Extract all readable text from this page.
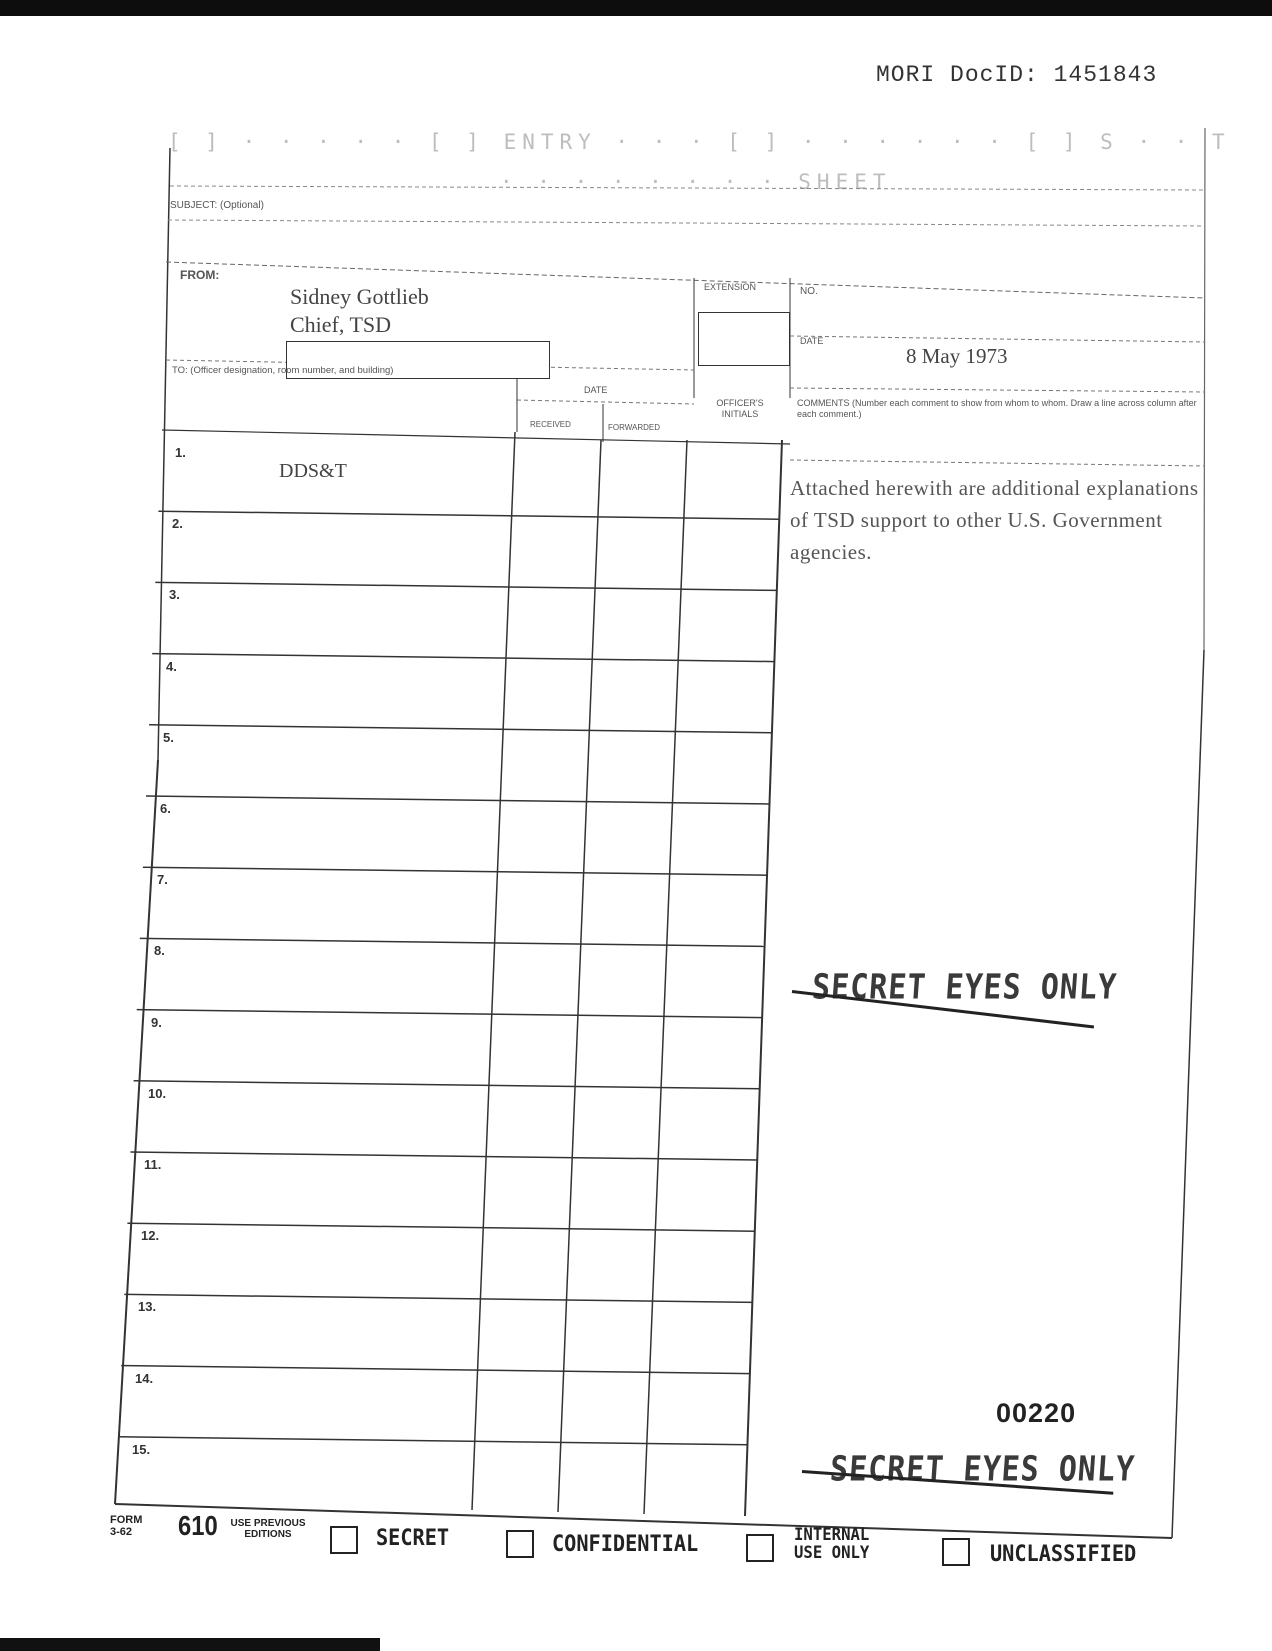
MORI DocID: 1451843
[ ] · · · · · [ ] ENTRY · · · [ ] · · · · · · [ ] S · · T
· · · · · · · · SHEET
SUBJECT: (Optional)
FROM:
Sidney Gottlieb
Chief, TSD
EXTENSION	NO.
DATE
8 May 1973
TO: (Officer designation, room number, and building)
DATE
RECEIVED	FORWARDED
OFFICER'S INITIALS
COMMENTS (Number each comment to show from whom to whom. Draw a line across column after each comment.)
1.
DDS&T
2.
3.
4.
5.
6.
7.
8.
9.
10.
11.
12.
13.
14.
15.
Attached herewith are additional explanations of TSD support to other U.S. Government agencies.
SECRET EYES ONLY
00220
SECRET EYES ONLY
FORM 3-62	610 USE PREVIOUS EDITIONS	SECRET	CONFIDENTIAL	INTERNAL USE ONLY	UNCLASSIFIED
